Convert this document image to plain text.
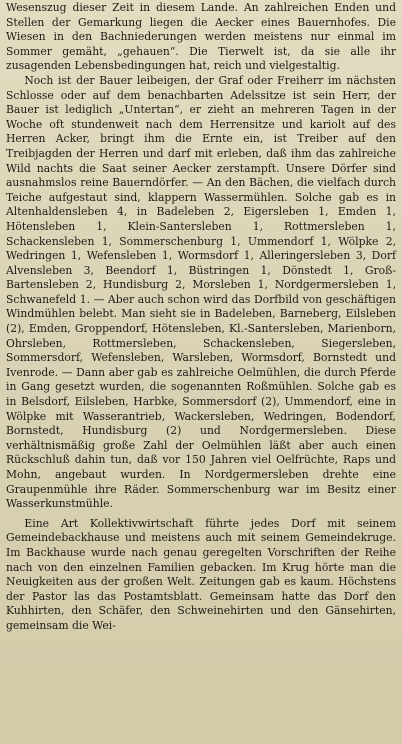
Wesenszug dieser Zeit in diesem Lande. An zahlreichen Enden und Stellen der Gemarkung liegen die Aecker eines Bauernhofes. Die Wiesen in den Bachniederungen werden meistens nur einmal im Sommer gemäht, „gehauen“. Die Tierwelt ist, da sie alle ihr zusagenden Lebensbedingungen hat, reich und vielgestaltig.

Noch ist der Bauer leibeigen, der Graf oder Freiherr im nächsten Schlosse oder auf dem benachbarten Adelssitze ist sein Herr, der Bauer ist lediglich „Untertan“, er zieht an mehreren Tagen in der Woche oft stundenweit nach dem Herrensitze und kariolt auf des Herren Acker, bringt ihm die Ernte ein, ist Treiber auf den Treibjagden der Herren und darf mit erleben, daß ihm das zahlreiche Wild nachts die Saat seiner Aecker zerstampft. Unsere Dörfer sind ausnahmslos reine Bauerndörfer. — An den Bächen, die vielfach durch Teiche aufgestaut sind, klappern Wassermühlen. Solche gab es in Altenhaldensleben 4, in Badeleben 2, Eigersleben 1, Emden 1, Hötensleben 1, Klein-Santersleben 1, Rottmersleben 1, Schackensleben 1, Sommerschenburg 1, Ummendorf 1, Wölpke 2, Wedringen 1, Wefensleben 1, Wormsdorf 1, Alleringersleben 3, Dorf Alvensleben 3, Beendorf 1, Büstringen 1, Dönstedt 1, Groß-Bartensleben 2, Hundisburg 2, Morsleben 1, Nordgermersleben 1, Schwanefeld 1. — Aber auch schon wird das Dorfbild von geschäftigen Windmühlen belebt. Man sieht sie in Badeleben, Barneberg, Eilsleben (2), Emden, Groppendorf, Hötensleben, Kl.-Santersleben, Marienborn, Ohrsleben, Rottmersleben, Schackensleben, Siegersleben, Sommersdorf, Wefensleben, Warsleben, Wormsdorf, Bornstedt und Ivenrode. — Dann aber gab es zahlreiche Oelmühlen, die durch Pferde in Gang gesetzt wurden, die sogenannten Roßmühlen. Solche gab es in Belsdorf, Eilsleben, Harbke, Sommersdorf (2), Ummendorf, eine in Wölpke mit Wasserantrieb, Wackersleben, Wedringen, Bodendorf, Bornstedt, Hundisburg (2) und Nordgermersleben. Diese verhältnismäßig große Zahl der Oelmühlen läßt aber auch einen Rückschluß dahin tun, daß vor 150 Jahren viel Oelfrüchte, Raps und Mohn, angebaut wurden. In Nordgermersleben drehte eine Graupenmühle ihre Räder. Sommerschenburg war im Besitz einer Wasserkunstmühle.

Eine Art Kollektivwirtschaft führte jedes Dorf mit seinem Gemeindebackhause und meistens auch mit seinem Gemeindekruge. Im Backhause wurde nach genau geregelten Vorschriften der Reihe nach von den einzelnen Familien gebacken. Im Krug hörte man die Neuigkeiten aus der großen Welt. Zeitungen gab es kaum. Höchstens der Pastor las das Postamtsblatt. Gemeinsam hatte das Dorf den Kuhhirten, den Schäfer, den Schweinehirten und den Gänsehirten, gemeinsam die Wei-
